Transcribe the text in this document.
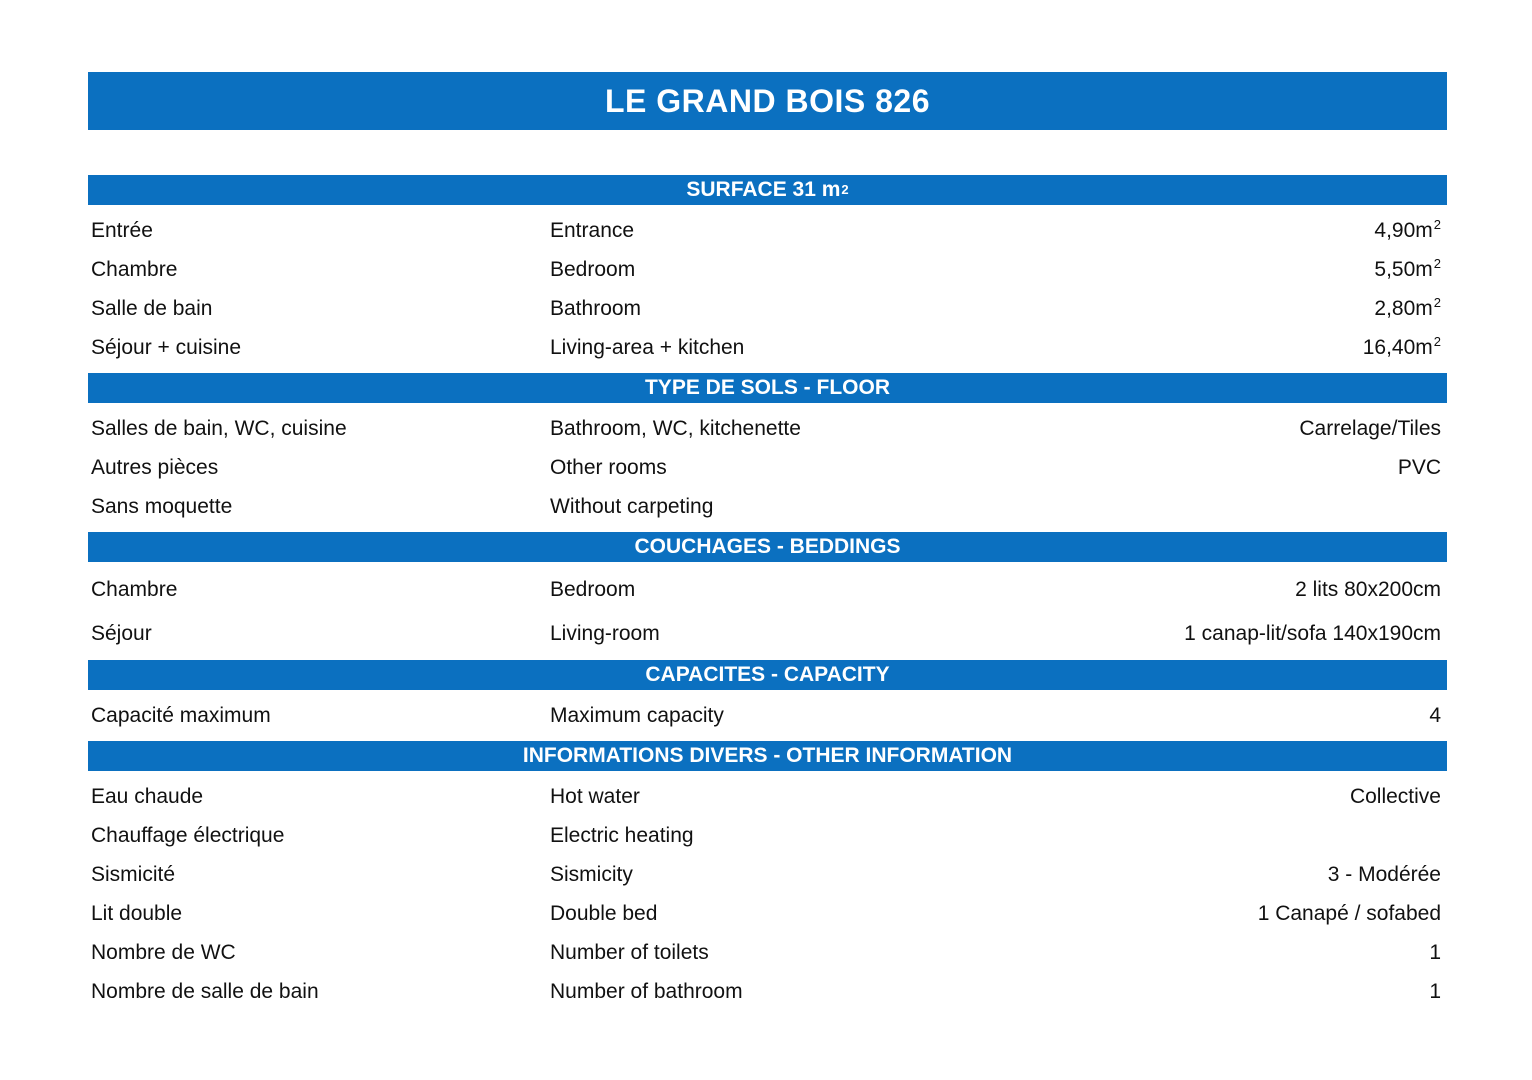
LE GRAND BOIS 826
SURFACE 31 m 2
Entrée	Entrance	$4,90m^2$
Chambre	Bedroom	$5,50m^2$
Salle de bain	Bathroom	$2,80m^2$
Séjour + cuisine	Living-area + kitchen	$16,40m^2$
TYPE DE SOLS - FLOOR
Salles de bain, WC, cuisine	Bathroom, WC, kitchenette	Carrelage/Tiles
Autres pièces	Other rooms	PVC
Sans moquette	Without carpeting
COUCHAGES - BEDDINGS
Chambre	Bedroom	2 lits 80x200cm
Séjour	Living-room	1 canap-lit/sofa 140x190cm
CAPACITES - CAPACITY
Capacité maximum	Maximum capacity	4
INFORMATIONS DIVERS - OTHER INFORMATION
Eau chaude	Hot water	Collective
Chauffage électrique	Electric heating
Sismicité	Sismicity	3 - Modérée
Lit double	Double bed	1 Canapé / sofabed
Nombre de WC	Number of toilets	1
Nombre de salle de bain	Number of bathroom	1
